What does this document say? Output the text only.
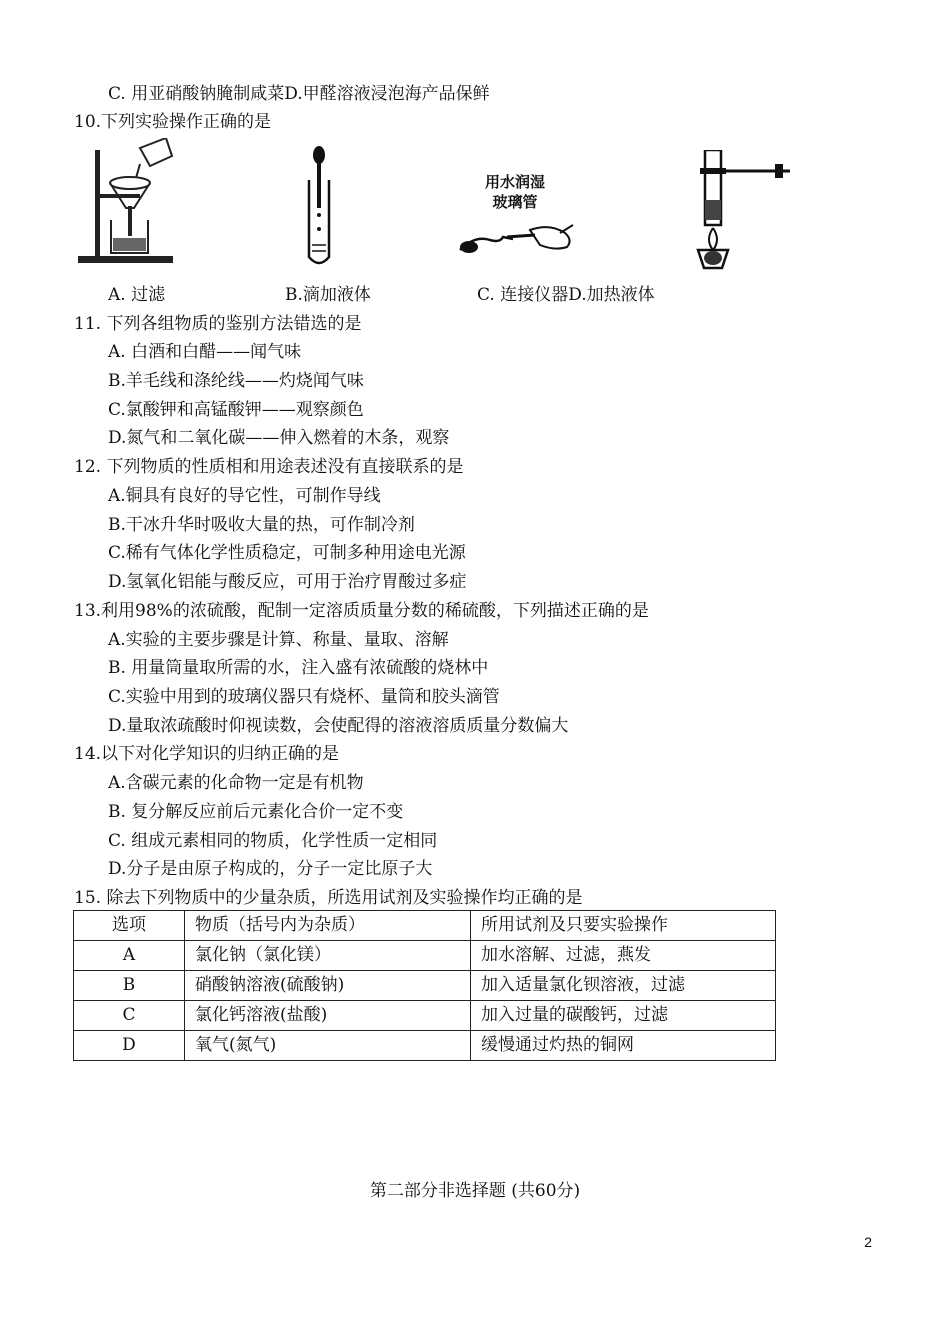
C. 用亚硝酸钠腌制咸菜D.甲醛溶液浸泡海产品保鲜
10.下列实验操作正确的是
用水润湿
玻璃管
A. 过滤	B.滴加液体	C. 连接仪器D.加热液体
11. 下列各组物质的鉴别方法错选的是
A. 白酒和白醋——闻气味
B.羊毛线和涤纶线——灼烧闻气味
C.氯酸钾和高锰酸钾——观察颜色
D.氮气和二氧化碳——伸入燃着的木条，观察
12. 下列物质的性质相和用途表述没有直接联系的是
A.铜具有良好的导它性，可制作导线
B.干冰升华时吸收大量的热，可作制冷剂
C.稀有气体化学性质稳定，可制多种用途电光源
D.氢氧化铝能与酸反应，可用于治疗胃酸过多症
13.利用98%的浓硫酸，配制一定溶质质量分数的稀硫酸，下列描述正确的是
A.实验的主要步骤是计算、称量、量取、溶解
B. 用量筒量取所需的水，注入盛有浓硫酸的烧林中
C.实验中用到的玻璃仪器只有烧杯、量筒和胶头滴管
D.量取浓疏酸时仰视读数，会使配得的溶液溶质质量分数偏大
14.以下对化学知识的归纳正确的是
A.含碳元素的化命物一定是有机物
B. 复分解反应前后元素化合价一定不变
C. 组成元素相同的物质，化学性质一定相同
D.分子是由原子构成的，分子一定比原子大
15. 除去下列物质中的少量杂质，所选用试剂及实验操作均正确的是
选项	物质（括号内为杂质）	所用试剂及只要实验操作
A	氯化钠（氯化镁）	加水溶解、过滤，燕发
B	硝酸钠溶液(硫酸钠)	加入适量氯化钡溶液，过滤
C	氯化钙溶液(盐酸)	加入过量的碳酸钙，过滤
D	氧气(氮气)	缓慢通过灼热的铜网
第二部分非选择题 (共60分)
2
